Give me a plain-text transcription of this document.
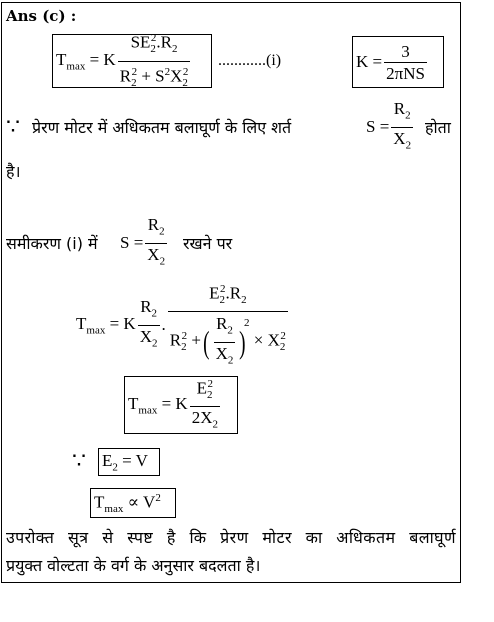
Ans (c) :
$T_{max} = K \frac{SE_2^2.R_2}{R_2^2 + S^2X_2^2} ............(i)$	$K = \frac{3}{\text{2πNS}}$
∵ प्रेरण मोटर में अधिकतम बलाघूर्ण के लिए शर्त	$S = \frac{R_2}{X_2}$ होता
है।
समीकरण (i) में $S = \frac{R_2}{X_2}$ रखने पर
$T_{max} = K \frac{R_2}{X_2}$ .
$E_2^2.R_2$
$R_2^2$ + ( $\frac{R_2}{X_2}$ )
2
× $X_2^2$
$T_{max} = K \frac{E_2^2}{2X_2}$
∵ $E_2 = V$
$T_{max} \propto V^2$
उपरोक्त सूत्र से स्पष्ट है कि प्रेरण मोटर का अधिकतम बलाघूर्ण
प्रयुक्त वोल्टता के वर्ग के अनुसार बदलता है।
